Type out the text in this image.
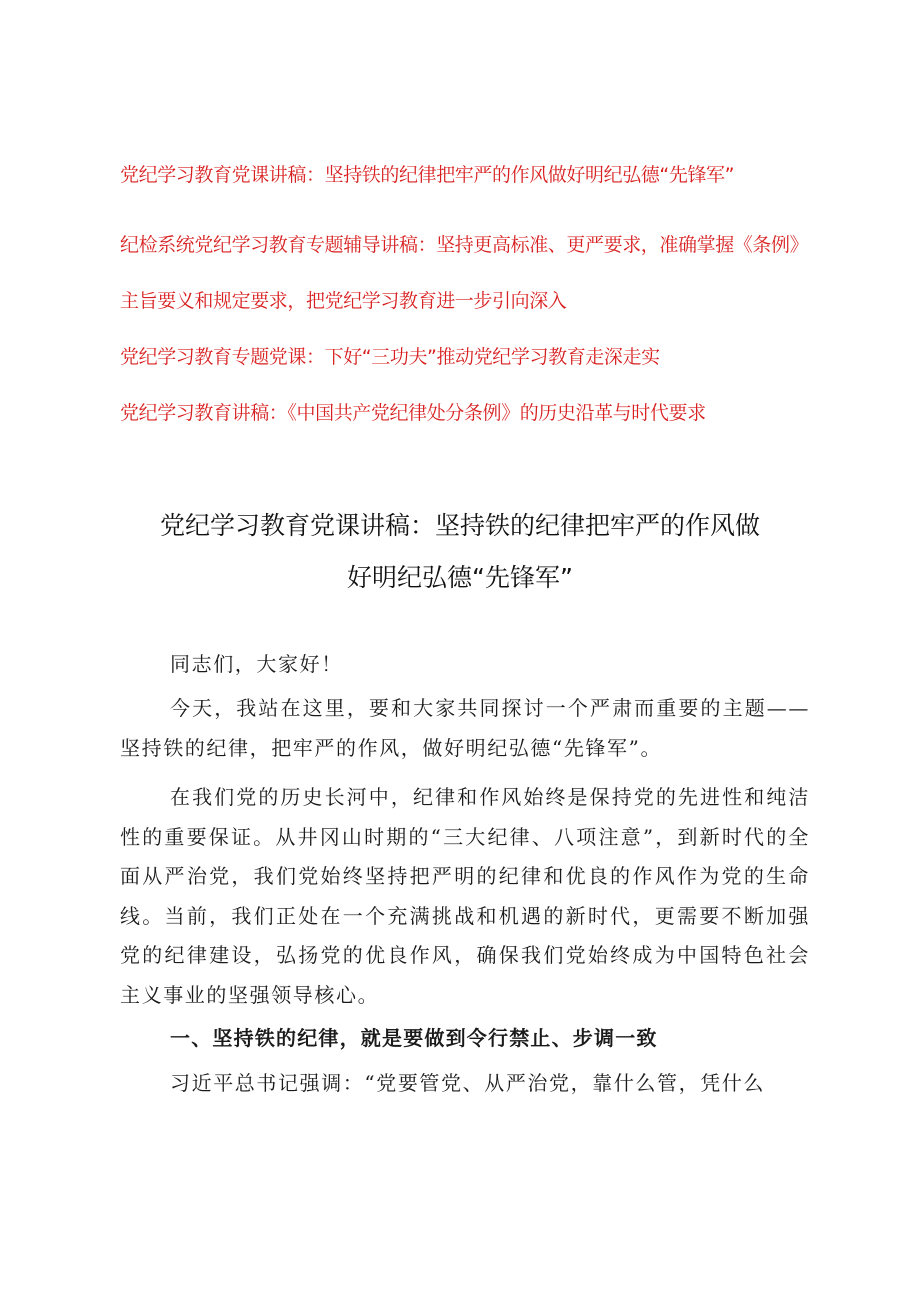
党纪学习教育党课讲稿：坚持铁的纪律把牢严的作风做好明纪弘德“先锋军”
纪检系统党纪学习教育专题辅导讲稿：坚持更高标准、更严要求，准确掌握《条例》
主旨要义和规定要求，把党纪学习教育进一步引向深入
党纪学习教育专题党课：下好“三功夫”推动党纪学习教育走深走实
党纪学习教育讲稿：《中国共产党纪律处分条例》的历史沿革与时代要求
党纪学习教育党课讲稿：坚持铁的纪律把牢严的作风做
好明纪弘德“先锋军”

同志们，大家好！

今天，我站在这里，要和大家共同探讨一个严肃而重要的主题——坚持铁的纪律，把牢严的作风，做好明纪弘德“先锋军”。

在我们党的历史长河中，纪律和作风始终是保持党的先进性和纯洁性的重要保证。从井冈山时期的“三大纪律、八项注意”，到新时代的全面从严治党，我们党始终坚持把严明的纪律和优良的作风作为党的生命线。当前，我们正处在一个充满挑战和机遇的新时代，更需要不断加强党的纪律建设，弘扬党的优良作风，确保我们党始终成为中国特色社会主义事业的坚强领导核心。

一、坚持铁的纪律，就是要做到令行禁止、步调一致

习近平总书记强调：“党要管党、从严治党，靠什么管，凭什么
